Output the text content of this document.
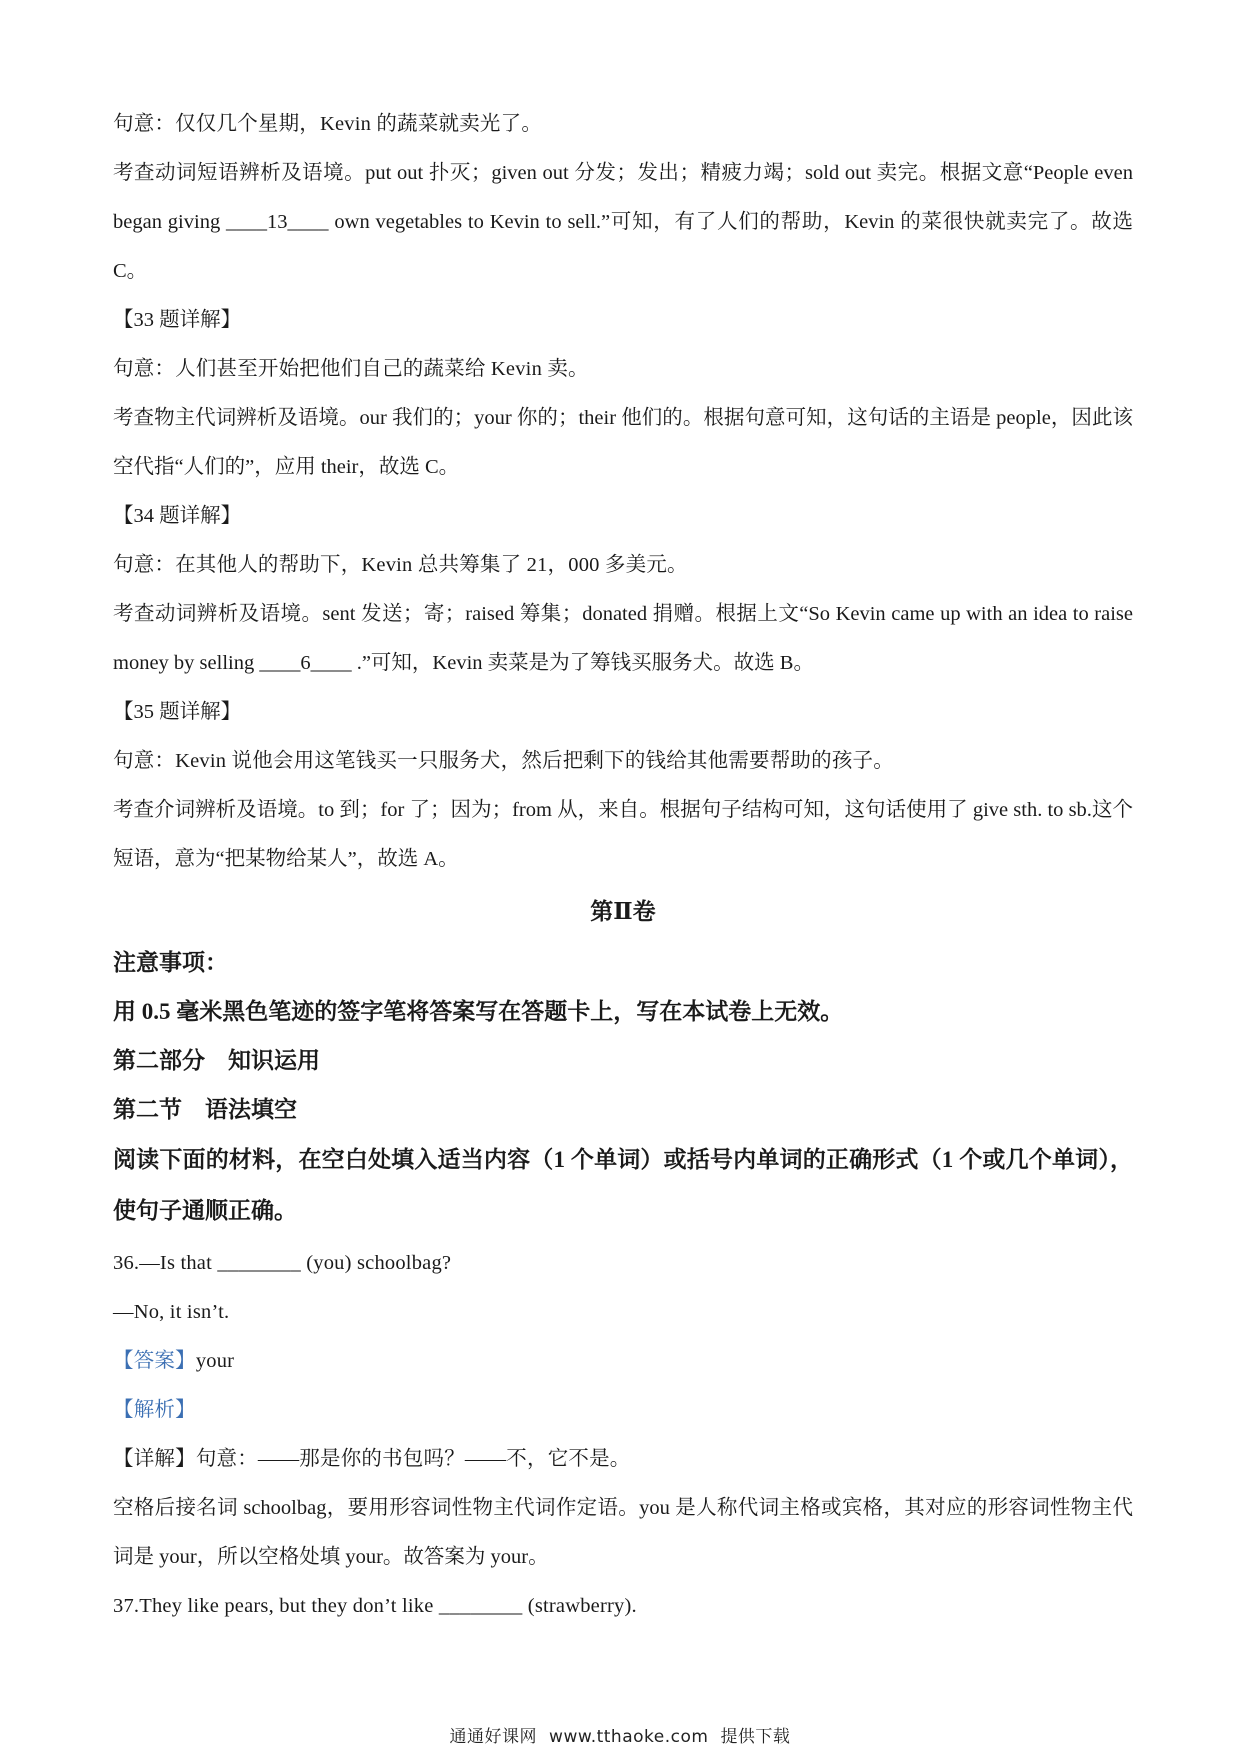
句意：仅仅几个星期，Kevin 的蔬菜就卖光了。
考查动词短语辨析及语境。put out 扑灭；given out 分发；发出；精疲力竭；sold out 卖完。根据文意“People even began giving ____13____ own vegetables to Kevin to sell.”可知，有了人们的帮助，Kevin 的菜很快就卖完了。故选 C。
【33 题详解】
句意：人们甚至开始把他们自己的蔬菜给 Kevin 卖。
考查物主代词辨析及语境。our 我们的；your 你的；their 他们的。根据句意可知，这句话的主语是 people，因此该空代指“人们的”，应用 their，故选 C。
【34 题详解】
句意：在其他人的帮助下，Kevin 总共筹集了 21，000 多美元。
考查动词辨析及语境。sent 发送；寄；raised 筹集；donated 捐赠。根据上文“So Kevin came up with an idea to raise money by selling ____6____ .”可知，Kevin 卖菜是为了筹钱买服务犬。故选 B。
【35 题详解】
句意：Kevin 说他会用这笔钱买一只服务犬，然后把剩下的钱给其他需要帮助的孩子。
考查介词辨析及语境。to 到；for 了；因为；from 从，来自。根据句子结构可知，这句话使用了 give sth. to sb.这个短语，意为“把某物给某人”，故选 A。
第Ⅱ卷
注意事项：
用 0.5 毫米黑色笔迹的签字笔将答案写在答题卡上，写在本试卷上无效。
第二部分　知识运用
第二节　语法填空
阅读下面的材料，在空白处填入适当内容（1 个单词）或括号内单词的正确形式（1 个或几个单词），使句子通顺正确。
36.—Is that ________ (you) schoolbag?
—No, it isn’t.
【答案】your
【解析】
【详解】句意：——那是你的书包吗？——不，它不是。
空格后接名词 schoolbag，要用形容词性物主代词作定语。you 是人称代词主格或宾格，其对应的形容词性物主代词是 your，所以空格处填 your。故答案为 your。
37.They like pears, but they don’t like ________ (strawberry).
通通好课网 www.tthaoke.com 提供下载
